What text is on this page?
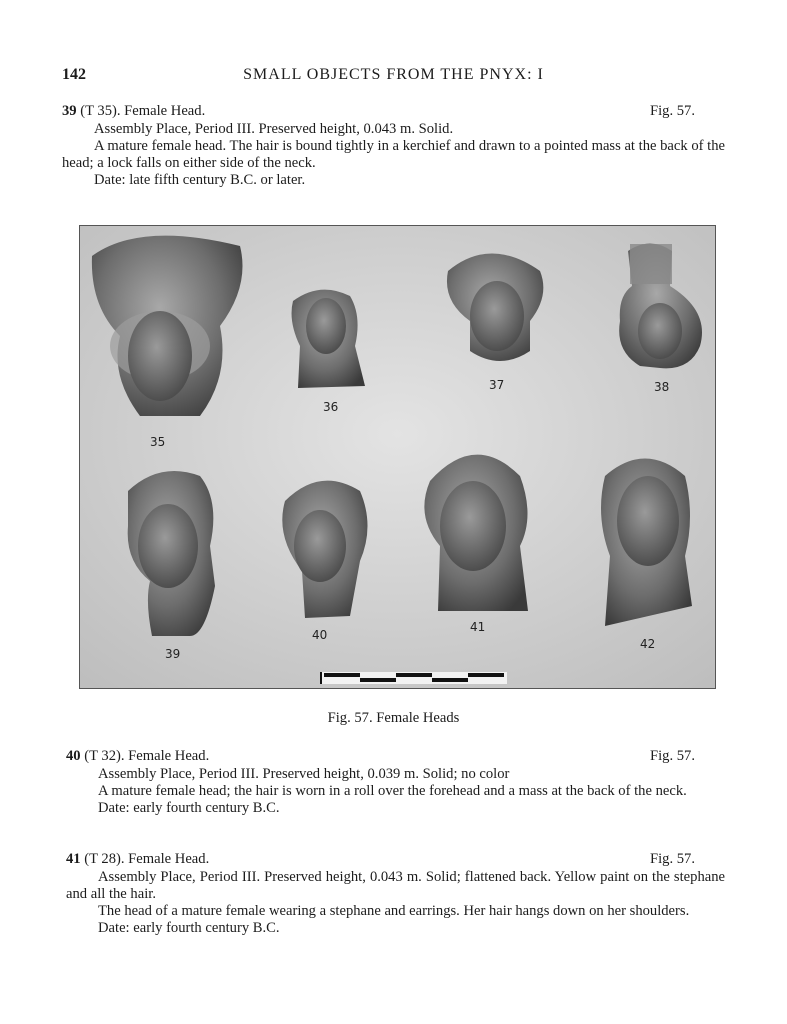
142	SMALL OBJECTS FROM THE PNYX: I
39 (T 35). Female Head.	Fig. 57.

Assembly Place, Period III. Preserved height, 0.043 m. Solid.

A mature female head. The hair is bound tightly in a kerchief and drawn to a pointed mass at the back of the head; a lock falls on either side of the neck.

Date: late fifth century B.C. or later.

35
36
37	38
39
40
41
42
Fig. 57. Female Heads
40 (T 32). Female Head.	Fig. 57.

Assembly Place, Period III. Preserved height, 0.039 m. Solid; no color

A mature female head; the hair is worn in a roll over the forehead and a mass at the back of the neck.

Date: early fourth century B.C.

41 (T 28). Female Head.	Fig. 57.

Assembly Place, Period III. Preserved height, 0.043 m. Solid; flattened back. Yellow paint on the stephane and all the hair.

The head of a mature female wearing a stephane and earrings. Her hair hangs down on her shoulders.

Date: early fourth century B.C.
